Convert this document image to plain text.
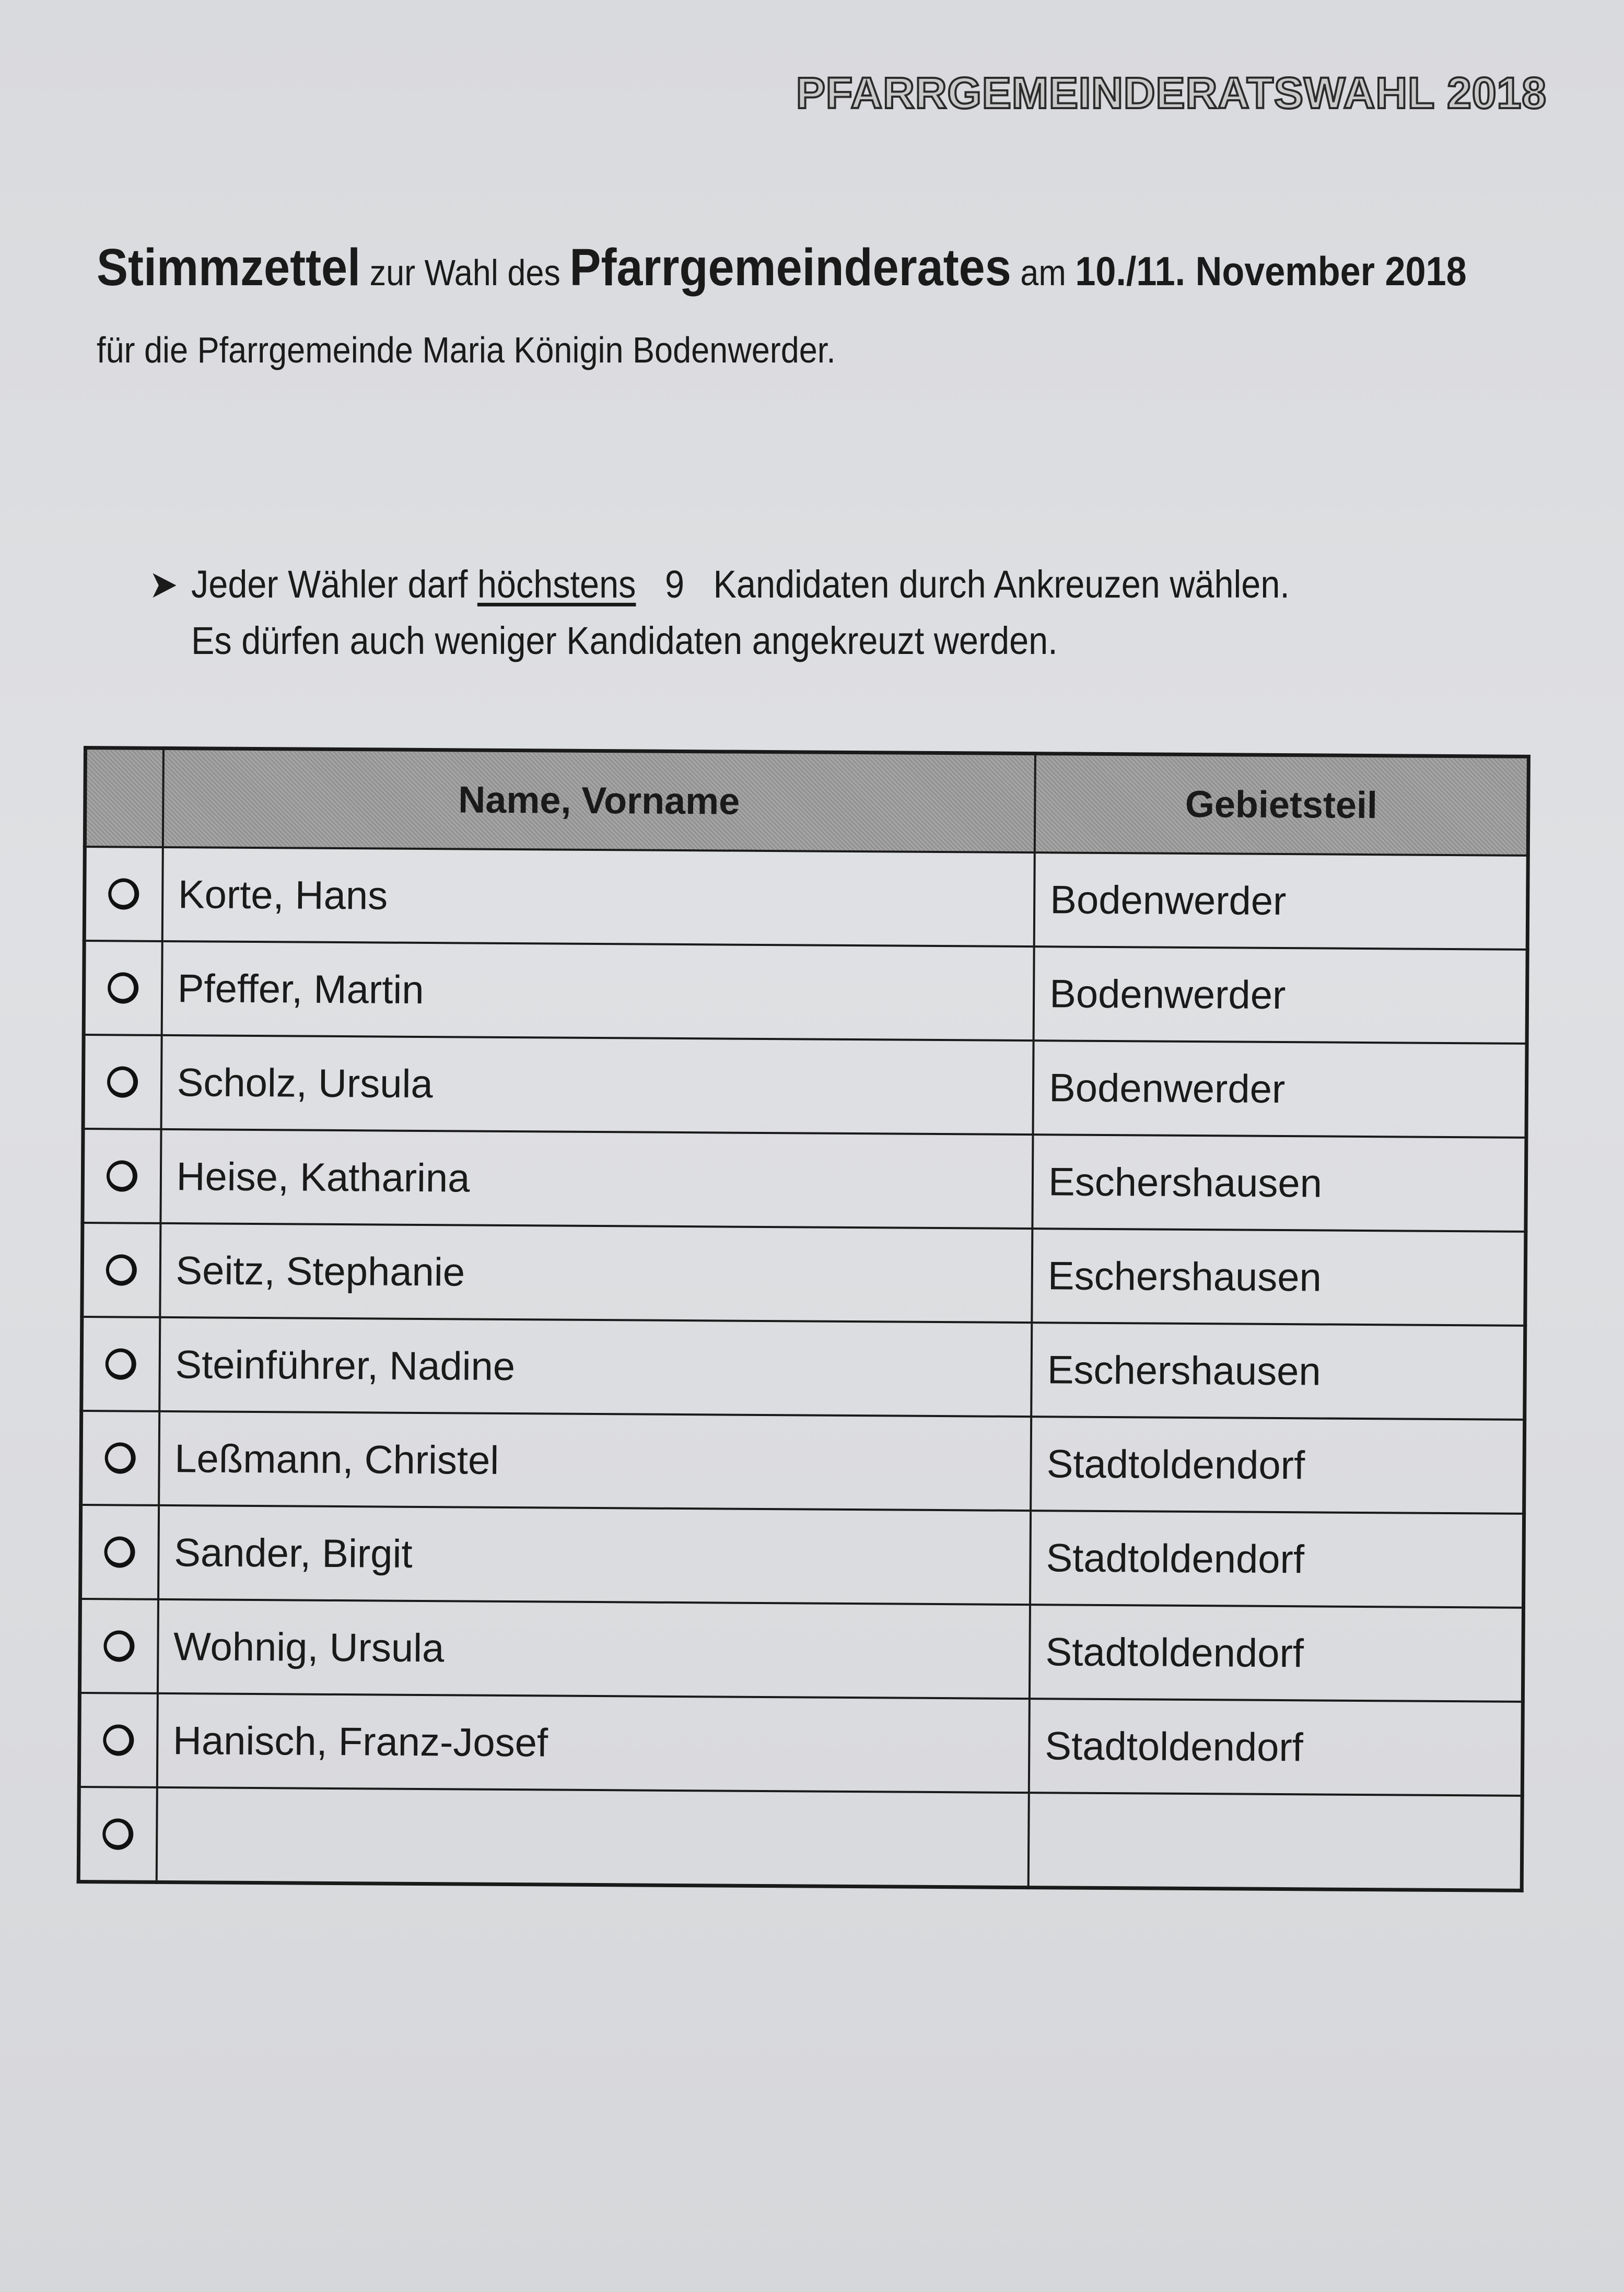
PFARRGEMEINDERATSWAHL 2018
Stimmzettel zur Wahl des Pfarrgemeinderates am 10./11. November 2018
für die Pfarrgemeinde Maria Königin Bodenwerder.
➤ Jeder Wähler darf höchstens   9   Kandidaten durch Ankreuzen wählen.
Es dürfen auch weniger Kandidaten angekreuzt werden.
	Name, Vorname	Gebietsteil
	Korte, Hans	Bodenwerder
	Pfeffer, Martin	Bodenwerder
	Scholz, Ursula	Bodenwerder
	Heise, Katharina	Eschershausen
	Seitz, Stephanie	Eschershausen
	Steinführer, Nadine	Eschershausen
	Leßmann, Christel	Stadtoldendorf
	Sander, Birgit	Stadtoldendorf
	Wohnig, Ursula	Stadtoldendorf
	Hanisch, Franz-Josef	Stadtoldendorf
